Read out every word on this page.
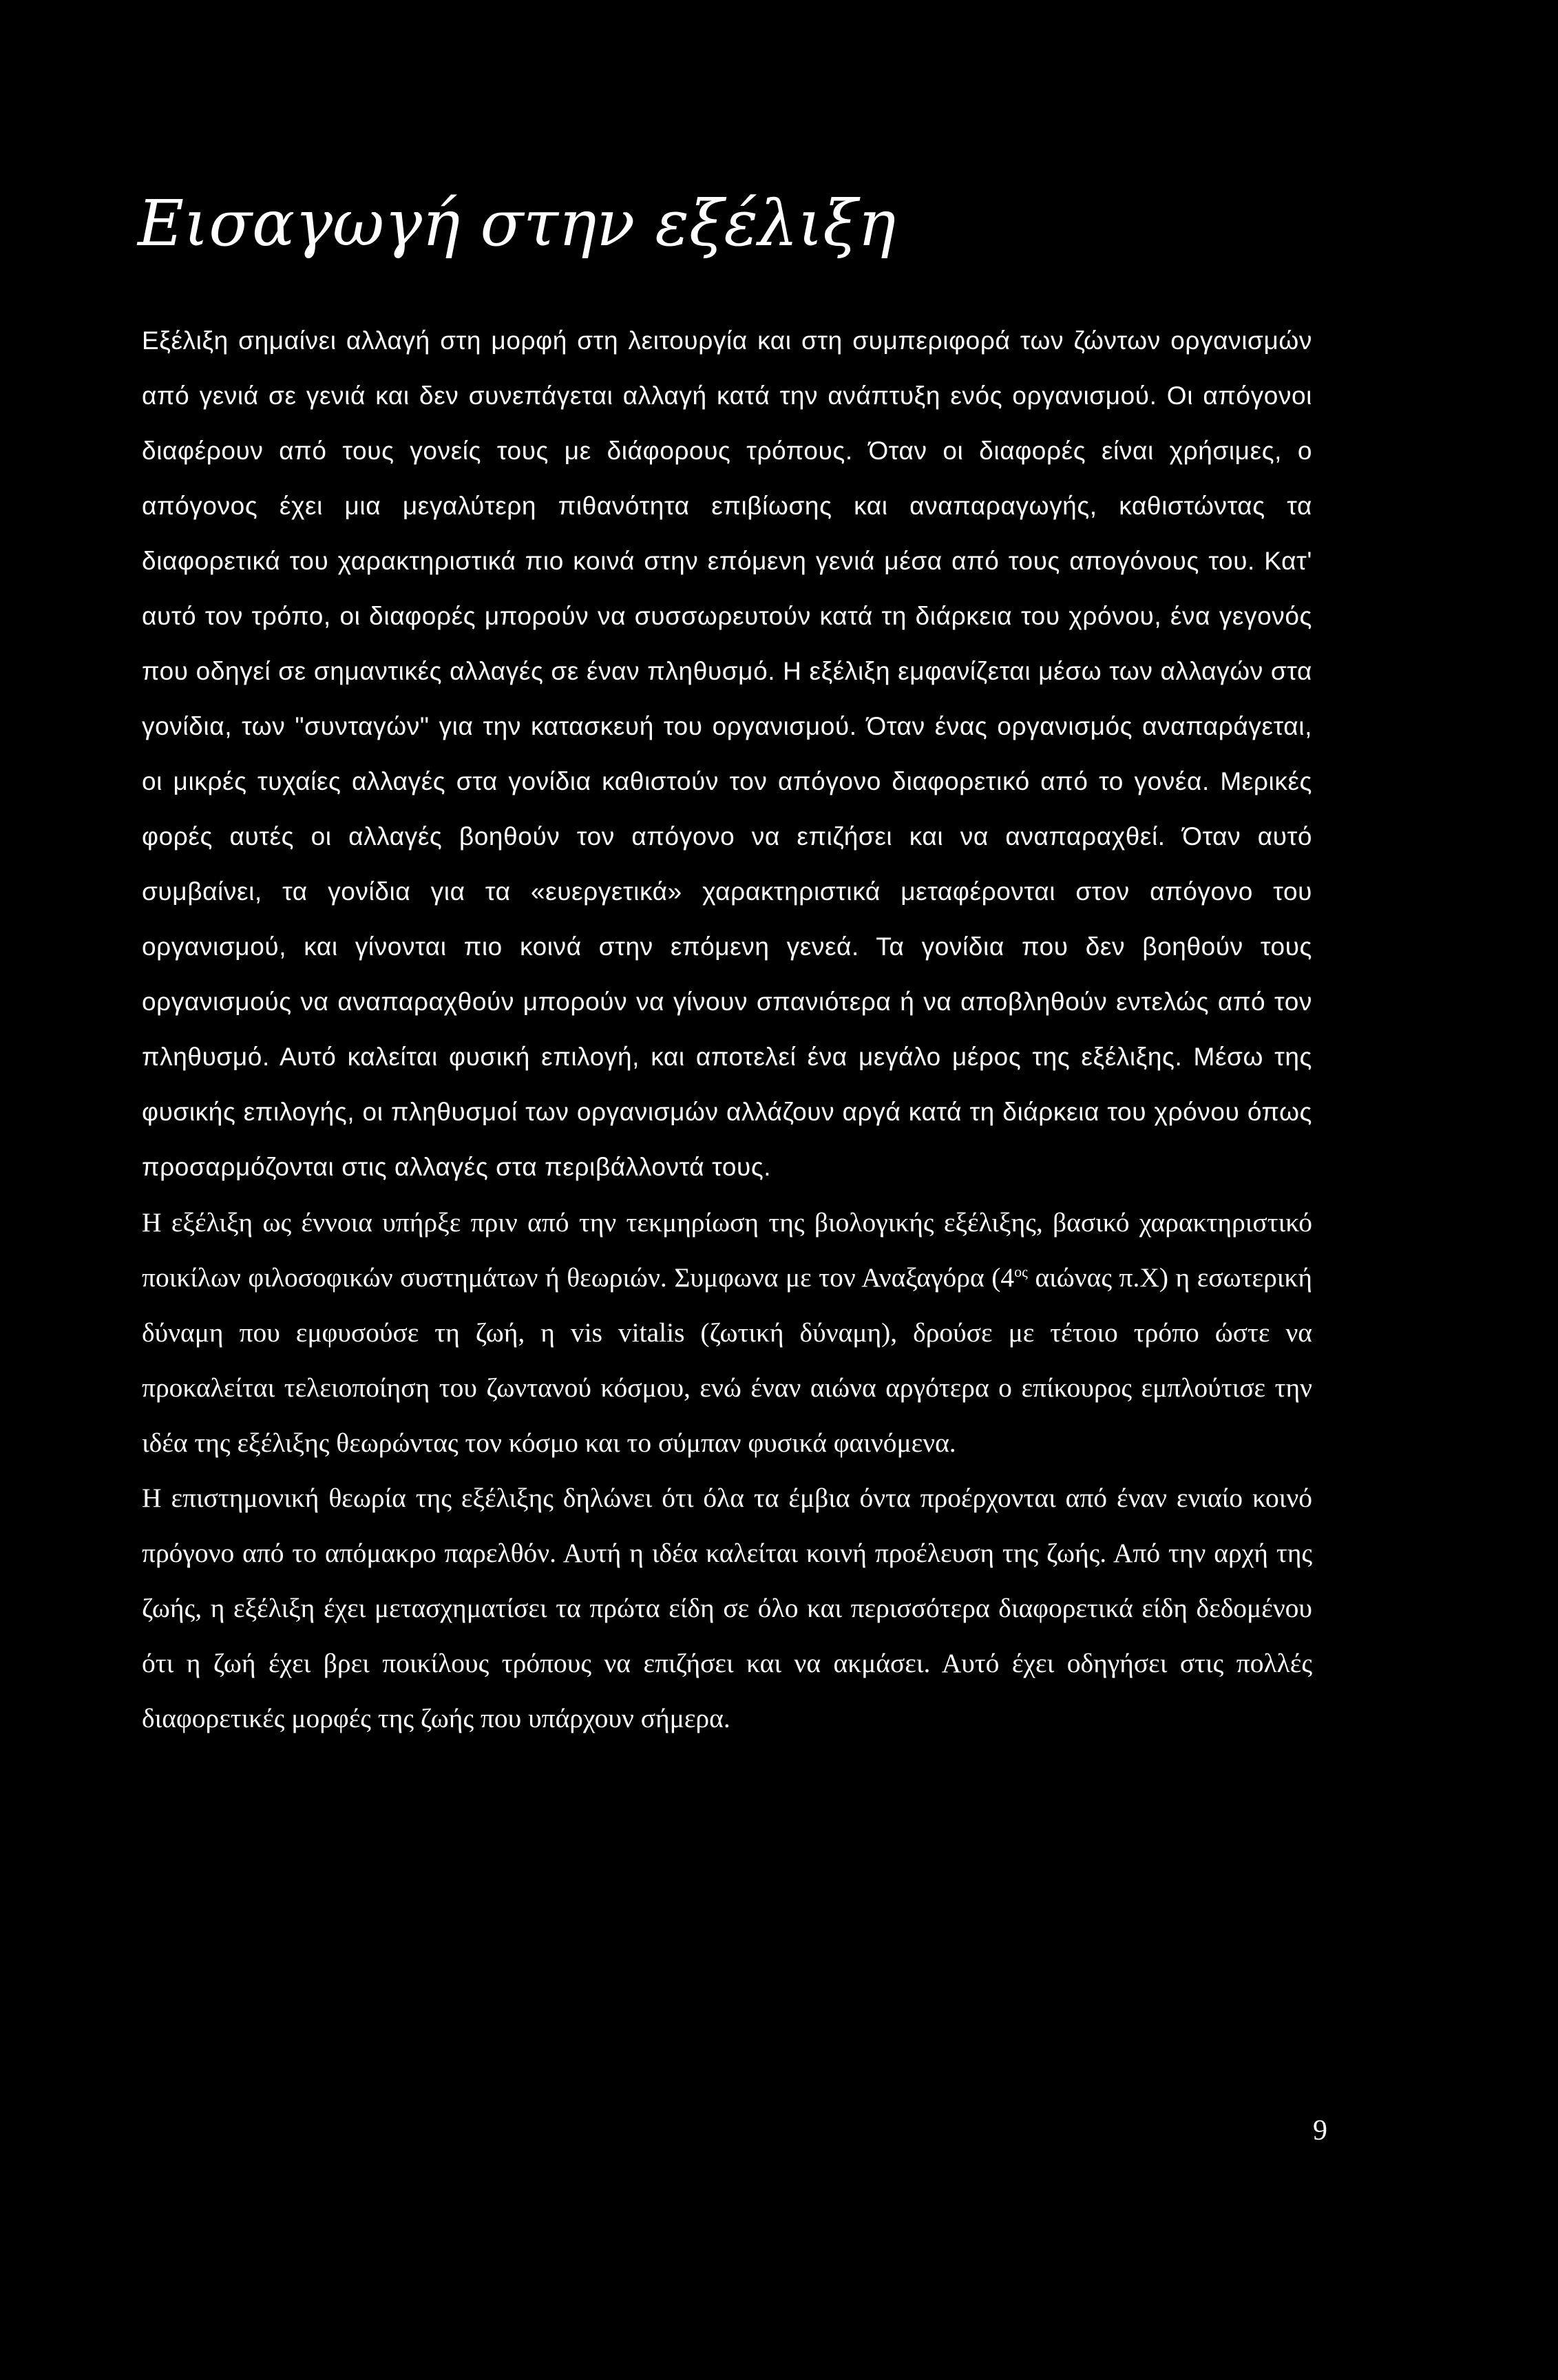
Εισαγωγή στην εξέλιξη

Εξέλιξη σημαίνει αλλαγή στη μορφή στη λειτουργία και στη συμπεριφορά των ζώντων οργανισμών από γενιά σε γενιά και δεν συνεπάγεται αλλαγή κατά την ανάπτυξη ενός οργανισμού. Οι απόγονοι διαφέρουν από τους γονείς τους με διάφορους τρόπους. Όταν οι διαφορές είναι χρήσιμες, ο απόγονος έχει μια μεγαλύτερη πιθανότητα επιβίωσης και αναπαραγωγής, καθιστώντας τα διαφορετικά του χαρακτηριστικά πιο κοινά στην επόμενη γενιά μέσα από τους απογόνους του. Κατ' αυτό τον τρόπο, οι διαφορές μπορούν να συσσωρευτούν κατά τη διάρκεια του χρόνου, ένα γεγονός που οδηγεί σε σημαντικές αλλαγές σε έναν πληθυσμό. Η εξέλιξη εμφανίζεται μέσω των αλλαγών στα γονίδια, των "συνταγών" για την κατασκευή του οργανισμού. Όταν ένας οργανισμός αναπαράγεται, οι μικρές τυχαίες αλλαγές στα γονίδια καθιστούν τον απόγονο διαφορετικό από το γονέα. Μερικές φορές αυτές οι αλλαγές βοηθούν τον απόγονο να επιζήσει και να αναπαραχθεί. Όταν αυτό συμβαίνει, τα γονίδια για τα «ευεργετικά» χαρακτηριστικά μεταφέρονται στον απόγονο του οργανισμού, και γίνονται πιο κοινά στην επόμενη γενεά. Τα γονίδια που δεν βοηθούν τους οργανισμούς να αναπαραχθούν μπορούν να γίνουν σπανιότερα ή να αποβληθούν εντελώς από τον πληθυσμό. Αυτό καλείται φυσική επιλογή, και αποτελεί ένα μεγάλο μέρος της εξέλιξης. Μέσω της φυσικής επιλογής, οι πληθυσμοί των οργανισμών αλλάζουν αργά κατά τη διάρκεια του χρόνου όπως προσαρμόζονται στις αλλαγές στα περιβάλλοντά τους.

Η εξέλιξη ως έννοια υπήρξε πριν από την τεκμηρίωση της βιολογικής εξέλιξης, βασικό χαρακτηριστικό ποικίλων φιλοσοφικών συστημάτων ή θεωριών. Συμφωνα με τον Αναξαγόρα ($4^{o\varsigma}$ αιώνας π.Χ) η εσωτερική δύναμη που εμφυσούσε τη ζωή, η vis vitalis (ζωτική δύναμη), δρούσε με τέτοιο τρόπο ώστε να προκαλείται τελειοποίηση του ζωντανού κόσμου, ενώ έναν αιώνα αργότερα ο επίκουρος εμπλούτισε την ιδέα της εξέλιξης θεωρώντας τον κόσμο και το σύμπαν φυσικά φαινόμενα.

Η επιστημονική θεωρία της εξέλιξης δηλώνει ότι όλα τα έμβια όντα προέρχονται από έναν ενιαίο κοινό πρόγονο από το απόμακρο παρελθόν. Αυτή η ιδέα καλείται κοινή προέλευση της ζωής. Από την αρχή της ζωής, η εξέλιξη έχει μετασχηματίσει τα πρώτα είδη σε όλο και περισσότερα διαφορετικά είδη δεδομένου ότι η ζωή έχει βρει ποικίλους τρόπους να επιζήσει και να ακμάσει. Αυτό έχει οδηγήσει στις πολλές διαφορετικές μορφές της ζωής που υπάρχουν σήμερα.

9
